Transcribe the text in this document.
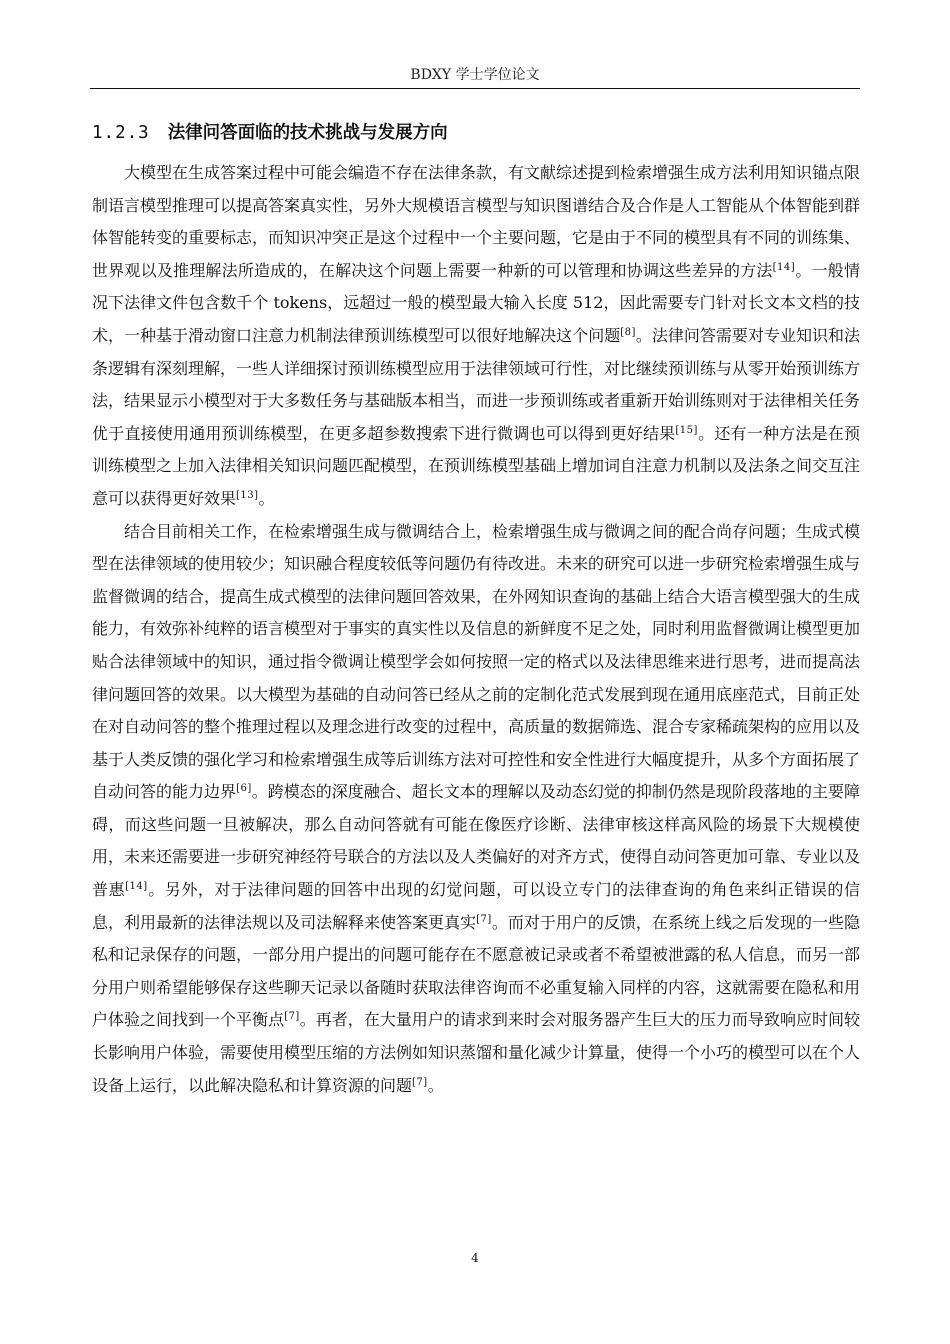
BDXY 学士学位论文
1.2.3 法律问答面临的技术挑战与发展方向

大模型在生成答案过程中可能会编造不存在法律条款，有文献综述提到检索增强生成方法利用知识锚点限制语言模型推理可以提高答案真实性，另外大规模语言模型与知识图谱结合及合作是人工智能从个体智能到群体智能转变的重要标志，而知识冲突正是这个过程中一个主要问题，它是由于不同的模型具有不同的训练集、世界观以及推理解法所造成的，在解决这个问题上需要一种新的可以管理和协调这些差异的方法[14]。一般情况下法律文件包含数千个 tokens，远超过一般的模型最大输入长度 512，因此需要专门针对长文本文档的技术，一种基于滑动窗口注意力机制法律预训练模型可以很好地解决这个问题[8]。法律问答需要对专业知识和法条逻辑有深刻理解，一些人详细探讨预训练模型应用于法律领域可行性，对比继续预训练与从零开始预训练方法，结果显示小模型对于大多数任务与基础版本相当，而进一步预训练或者重新开始训练则对于法律相关任务优于直接使用通用预训练模型，在更多超参数搜索下进行微调也可以得到更好结果[15]。还有一种方法是在预训练模型之上加入法律相关知识问题匹配模型，在预训练模型基础上增加词自注意力机制以及法条之间交互注意可以获得更好效果[13]。

结合目前相关工作，在检索增强生成与微调结合上，检索增强生成与微调之间的配合尚存问题；生成式模型在法律领域的使用较少；知识融合程度较低等问题仍有待改进。未来的研究可以进一步研究检索增强生成与监督微调的结合，提高生成式模型的法律问题回答效果，在外网知识查询的基础上结合大语言模型强大的生成能力，有效弥补纯粹的语言模型对于事实的真实性以及信息的新鲜度不足之处，同时利用监督微调让模型更加贴合法律领域中的知识，通过指令微调让模型学会如何按照一定的格式以及法律思维来进行思考，进而提高法律问题回答的效果。以大模型为基础的自动问答已经从之前的定制化范式发展到现在通用底座范式，目前正处在对自动问答的整个推理过程以及理念进行改变的过程中，高质量的数据筛选、混合专家稀疏架构的应用以及基于人类反馈的强化学习和检索增强生成等后训练方法对可控性和安全性进行大幅度提升，从多个方面拓展了自动问答的能力边界[6]。跨模态的深度融合、超长文本的理解以及动态幻觉的抑制仍然是现阶段落地的主要障碍，而这些问题一旦被解决，那么自动问答就有可能在像医疗诊断、法律审核这样高风险的场景下大规模使用，未来还需要进一步研究神经符号联合的方法以及人类偏好的对齐方式，使得自动问答更加可靠、专业以及普惠[14]。另外，对于法律问题的回答中出现的幻觉问题，可以设立专门的法律查询的角色来纠正错误的信息，利用最新的法律法规以及司法解释来使答案更真实[7]。而对于用户的反馈，在系统上线之后发现的一些隐私和记录保存的问题，一部分用户提出的问题可能存在不愿意被记录或者不希望被泄露的私人信息，而另一部分用户则希望能够保存这些聊天记录以备随时获取法律咨询而不必重复输入同样的内容，这就需要在隐私和用户体验之间找到一个平衡点[7]。再者，在大量用户的请求到来时会对服务器产生巨大的压力而导致响应时间较长影响用户体验，需要使用模型压缩的方法例如知识蒸馏和量化减少计算量，使得一个小巧的模型可以在个人设备上运行，以此解决隐私和计算资源的问题[7]。

4
